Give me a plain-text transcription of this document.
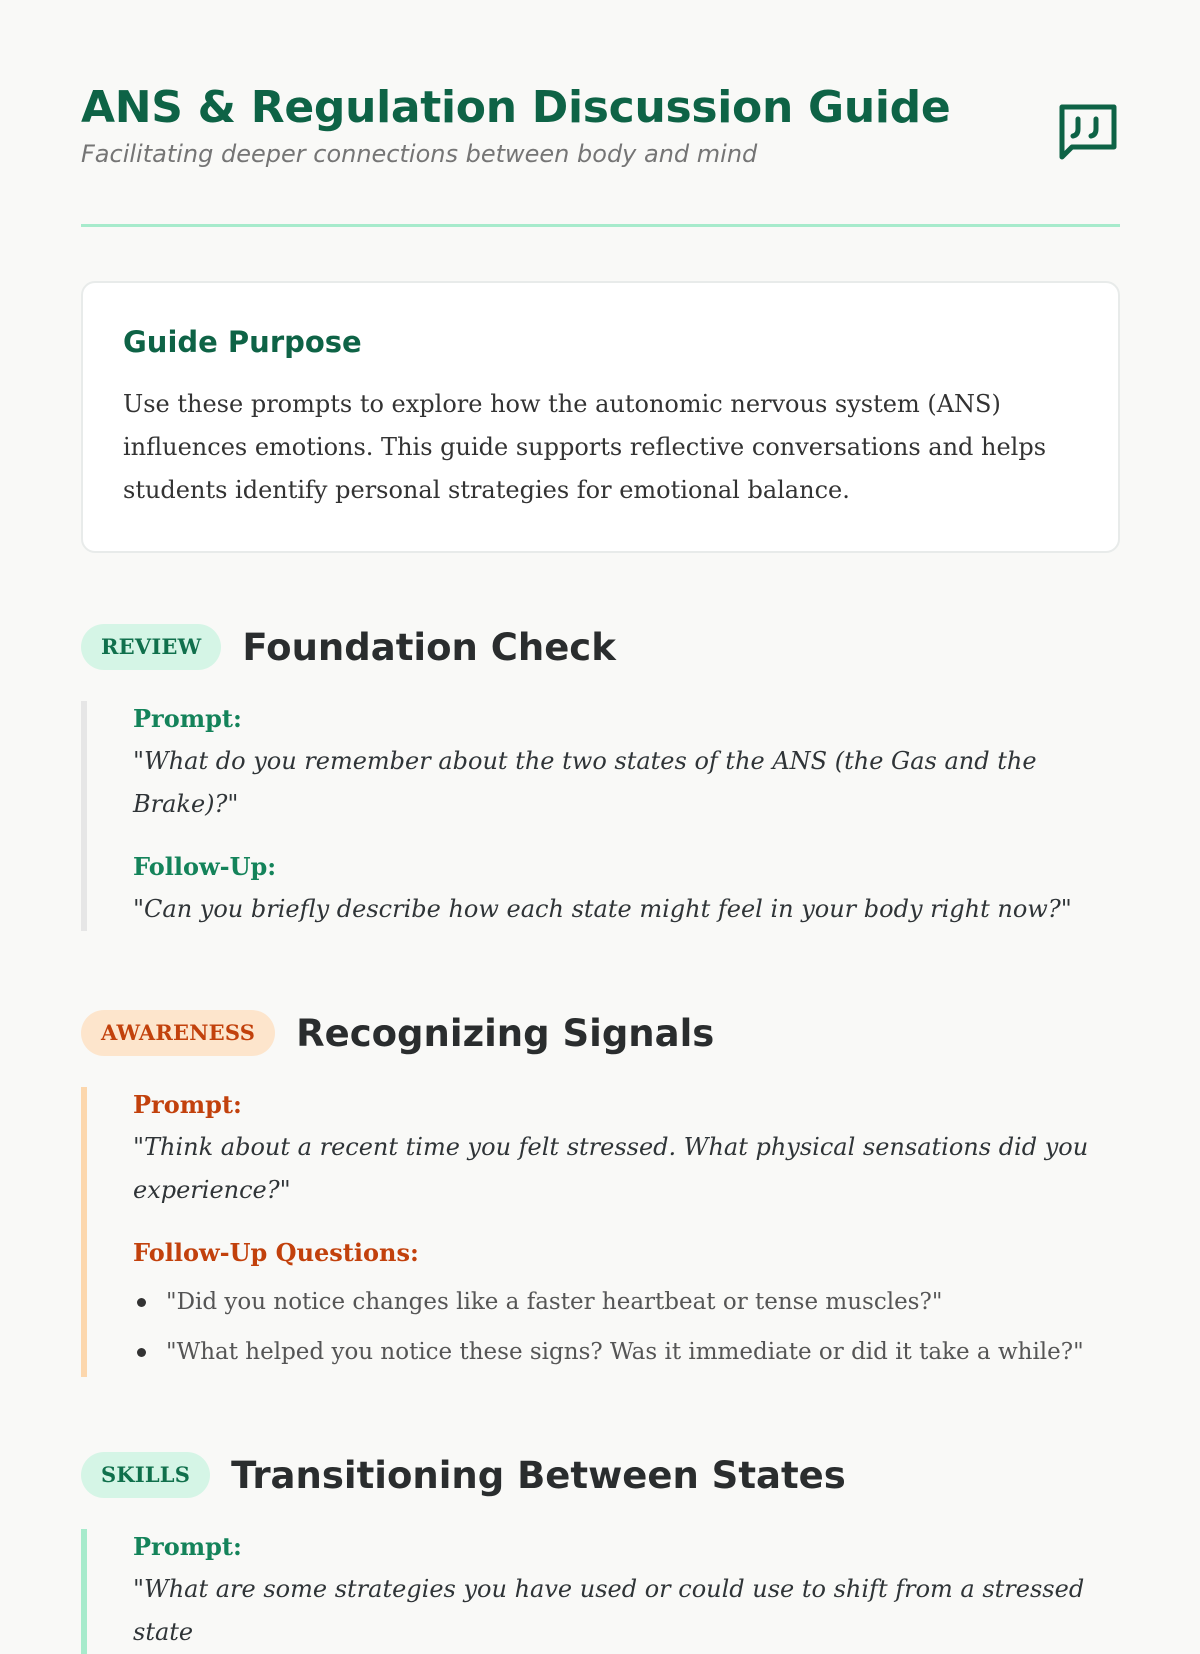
ANS & Regulation Discussion Guide
Facilitating deeper connections between body and mind
Guide Purpose

Use these prompts to explore how the autonomic nervous system (ANS) influences emotions. This guide supports reflective conversations and helps students identify personal strategies for emotional balance.

REVIEW	Foundation Check
Prompt:
"What do you remember about the two states of the ANS (the Gas and the Brake)?"
Follow-Up:
"Can you briefly describe how each state might feel in your body right now?"
AWARENESS	Recognizing Signals
Prompt:
"Think about a recent time you felt stressed. What physical sensations did you experience?"
Follow-Up Questions:
"Did you notice changes like a faster heartbeat or tense muscles?"
"What helped you notice these signs? Was it immediate or did it take a while?"
SKILLS	Transitioning Between States
Prompt:
"What are some strategies you have used or could use to shift from a stressed state
